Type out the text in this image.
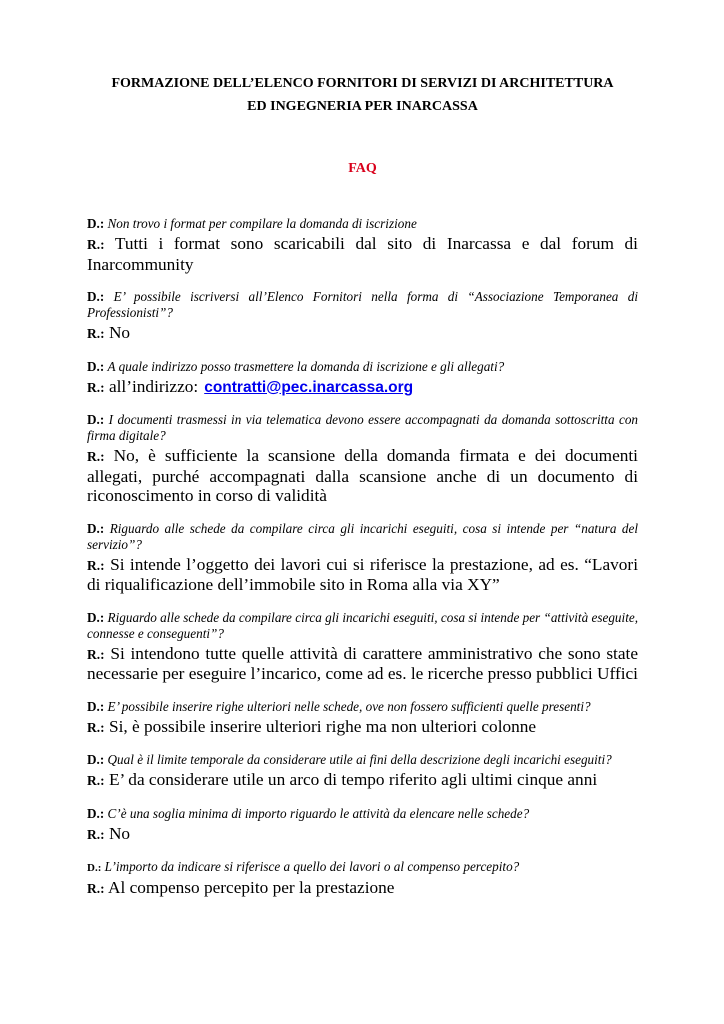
FORMAZIONE DELL’ELENCO FORNITORI DI SERVIZI DI ARCHITETTURA
ED INGEGNERIA PER INARCASSA

FAQ

D.: Non trovo i format per compilare la domanda di iscrizione

R.: Tutti i format sono scaricabili dal sito di Inarcassa e dal forum di Inarcommunity

D.: E’ possibile iscriversi all’Elenco Fornitori nella forma di “Associazione Temporanea di Professionisti”?

R.: No

D.: A quale indirizzo posso trasmettere la domanda di iscrizione e gli allegati?

R.: all’indirizzo: contratti@pec.inarcassa.org

D.: I documenti trasmessi in via telematica devono essere accompagnati da domanda sottoscritta con firma digitale?

R.: No, è sufficiente la scansione della domanda firmata e dei documenti allegati, purché accompagnati dalla scansione anche di un documento di riconoscimento in corso di validità

D.: Riguardo alle schede da compilare circa gli incarichi eseguiti, cosa si intende per “natura del servizio”?

R.: Si intende l’oggetto dei lavori cui si riferisce la prestazione, ad es. “Lavori di riqualificazione dell’immobile sito in Roma alla via XY”

D.: Riguardo alle schede da compilare circa gli incarichi eseguiti, cosa si intende per “attività eseguite, connesse e conseguenti”?

R.: Si intendono tutte quelle attività di carattere amministrativo che sono state necessarie per eseguire l’incarico, come ad es. le ricerche presso pubblici Uffici

D.: E’ possibile inserire righe ulteriori nelle schede, ove non fossero sufficienti quelle presenti?

R.: Si, è possibile inserire ulteriori righe ma non ulteriori colonne

D.: Qual è il limite temporale da considerare utile ai fini della descrizione degli incarichi eseguiti?

R.: E’ da considerare utile un arco di tempo riferito agli ultimi cinque anni

D.: C’è una soglia minima di importo riguardo le attività da elencare nelle schede?

R.: No

D.: L’importo da indicare si riferisce a quello dei lavori o al compenso percepito?

R.: Al compenso percepito per la prestazione
